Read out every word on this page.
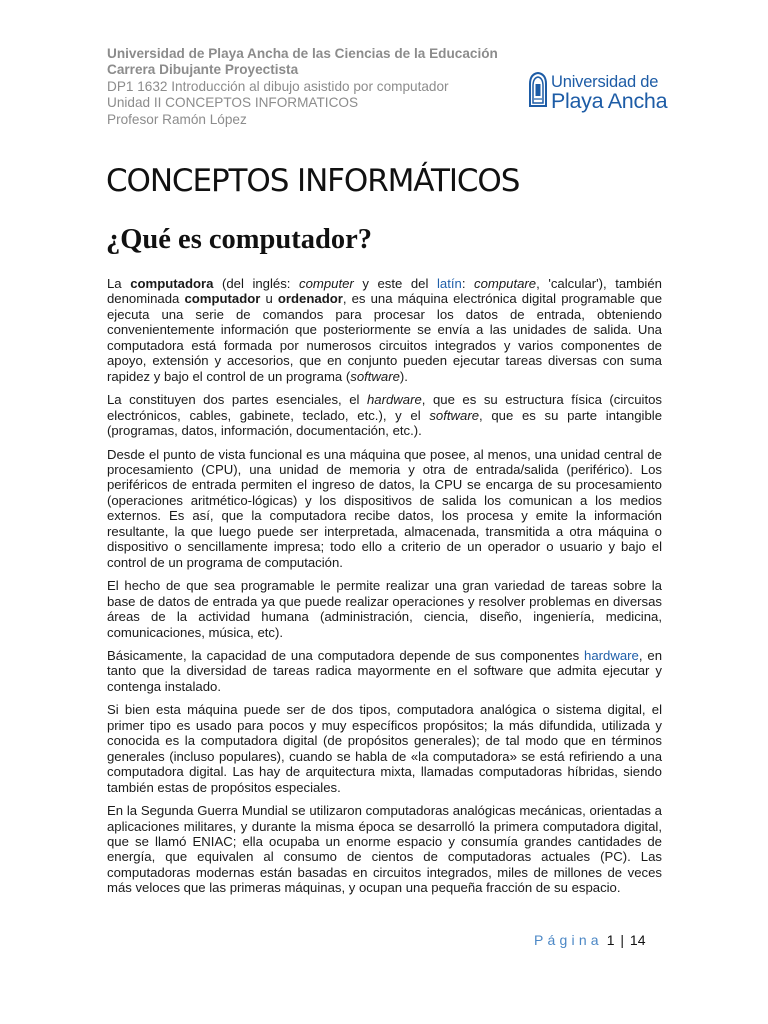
Universidad de Playa Ancha de las Ciencias de la Educación
Carrera Dibujante Proyectista
DP1 1632 Introducción al dibujo asistido por computador
Unidad II CONCEPTOS INFORMATICOS
Profesor Ramón López
Universidad de
Playa Ancha
CONCEPTOS INFORMÁTICOS
¿Qué es computador?

La computadora (del inglés: computer y este del latín: computare, 'calcular'), también denominada computador u ordenador, es una máquina electrónica digital programable que ejecuta una serie de comandos para procesar los datos de entrada, obteniendo convenientemente información que posteriormente se envía a las unidades de salida. Una computadora está formada por numerosos circuitos integrados y varios componentes de apoyo, extensión y accesorios, que en conjunto pueden ejecutar tareas diversas con suma rapidez y bajo el control de un programa (software).

La constituyen dos partes esenciales, el hardware, que es su estructura física (circuitos electrónicos, cables, gabinete, teclado, etc.), y el software, que es su parte intangible (programas, datos, información, documentación, etc.).

Desde el punto de vista funcional es una máquina que posee, al menos, una unidad central de procesamiento (CPU), una unidad de memoria y otra de entrada/salida (periférico). Los periféricos de entrada permiten el ingreso de datos, la CPU se encarga de su procesamiento (operaciones aritmético-lógicas) y los dispositivos de salida los comunican a los medios externos. Es así, que la computadora recibe datos, los procesa y emite la información resultante, la que luego puede ser interpretada, almacenada, transmitida a otra máquina o dispositivo o sencillamente impresa; todo ello a criterio de un operador o usuario y bajo el control de un programa de computación.

El hecho de que sea programable le permite realizar una gran variedad de tareas sobre la base de datos de entrada ya que puede realizar operaciones y resolver problemas en diversas áreas de la actividad humana (administración, ciencia, diseño, ingeniería, medicina, comunicaciones, música, etc).

Básicamente, la capacidad de una computadora depende de sus componentes hardware, en tanto que la diversidad de tareas radica mayormente en el software que admita ejecutar y contenga instalado.

Si bien esta máquina puede ser de dos tipos, computadora analógica o sistema digital, el primer tipo es usado para pocos y muy específicos propósitos; la más difundida, utilizada y conocida es la computadora digital (de propósitos generales); de tal modo que en términos generales (incluso populares), cuando se habla de «la computadora» se está refiriendo a una computadora digital. Las hay de arquitectura mixta, llamadas computadoras híbridas, siendo también estas de propósitos especiales.

En la Segunda Guerra Mundial se utilizaron computadoras analógicas mecánicas, orientadas a aplicaciones militares, y durante la misma época se desarrolló la primera computadora digital, que se llamó ENIAC; ella ocupaba un enorme espacio y consumía grandes cantidades de energía, que equivalen al consumo de cientos de computadoras actuales (PC). Las computadoras modernas están basadas en circuitos integrados, miles de millones de veces más veloces que las primeras máquinas, y ocupan una pequeña fracción de su espacio.

Página 1 | 14
